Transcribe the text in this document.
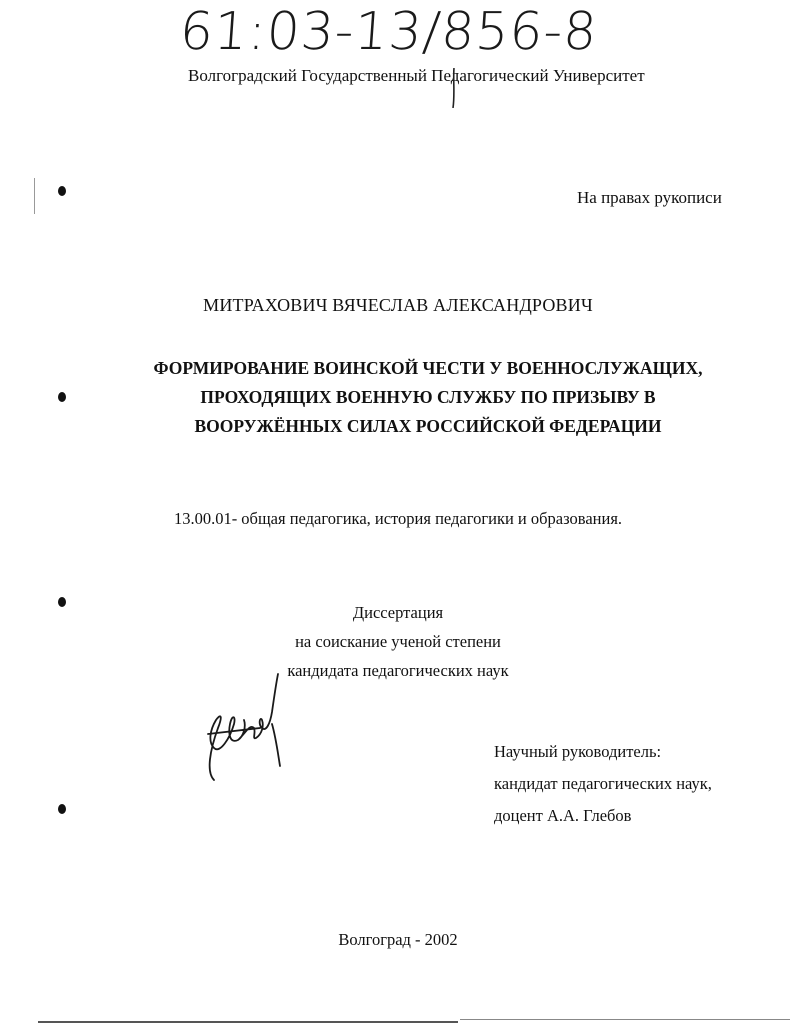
61:03-13/856-8
Волгоградский Государственный Педагогический Университет
На правах рукописи
МИТРАХОВИЧ ВЯЧЕСЛАВ АЛЕКСАНДРОВИЧ
ФОРМИРОВАНИЕ ВОИНСКОЙ ЧЕСТИ У ВОЕННОСЛУЖАЩИХ,
ПРОХОДЯЩИХ ВОЕННУЮ СЛУЖБУ ПО ПРИЗЫВУ В
ВООРУЖЁННЫХ СИЛАХ РОССИЙСКОЙ ФЕДЕРАЦИИ
13.00.01- общая педагогика, история педагогики и образования.
Диссертация
на соискание ученой степени
кандидата педагогических наук
Научный руководитель:
кандидат педагогических наук,
доцент А.А. Глебов
Волгоград - 2002
